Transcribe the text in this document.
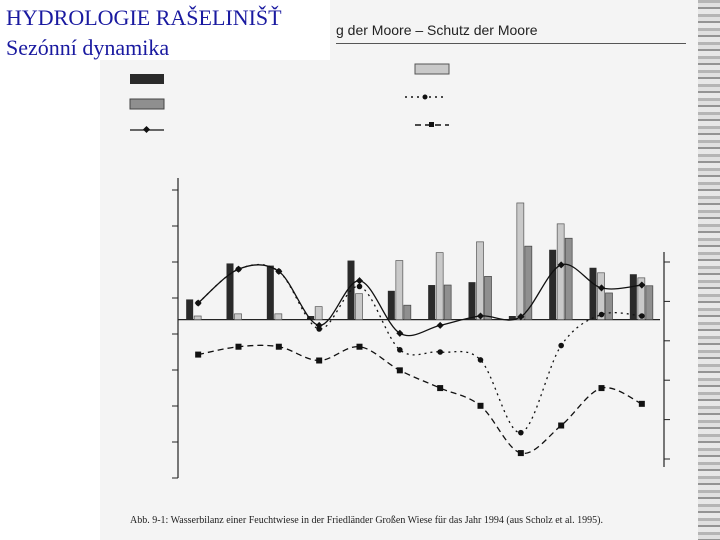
HYDROLOGIE RAŠELINIŠŤ
Sezónní dynamika
g der Moore – Schutz der Moore
Abb. 9-1: Wasserbilanz einer Feuchtwiese in der Friedländer Großen Wiese für das Jahr 1994 (aus Scholz et al. 1995).
